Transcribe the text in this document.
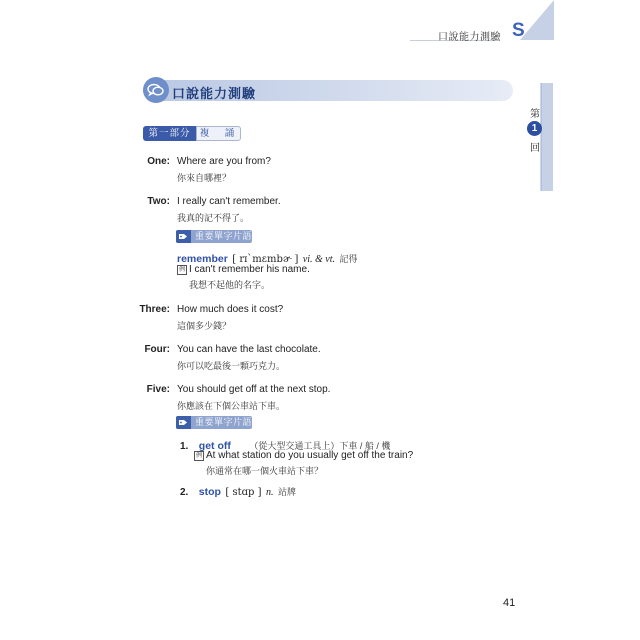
口說能力測驗 S
第
1
回
口說能力測驗
第一部分 複　誦
One: Where are you from?
你來自哪裡？
Two: I really can't remember.
我真的記不得了。
重要單字片語
remember [ rɪˋmɛmbɚ ] vi. & vt. 記得
例 I can't remember his name.
我想不起他的名字。
Three: How much does it cost?
這個多少錢？
Four: You can have the last chocolate.
你可以吃最後一顆巧克力。
Five: You should get off at the next stop.
你應該在下個公車站下車。
重要單字片語
1. get off （從大型交通工具上）下車 / 船 / 機
例 At what station do you usually get off the train?
你通常在哪一個火車站下車？
2. stop [ stɑp ] n. 站牌
41
